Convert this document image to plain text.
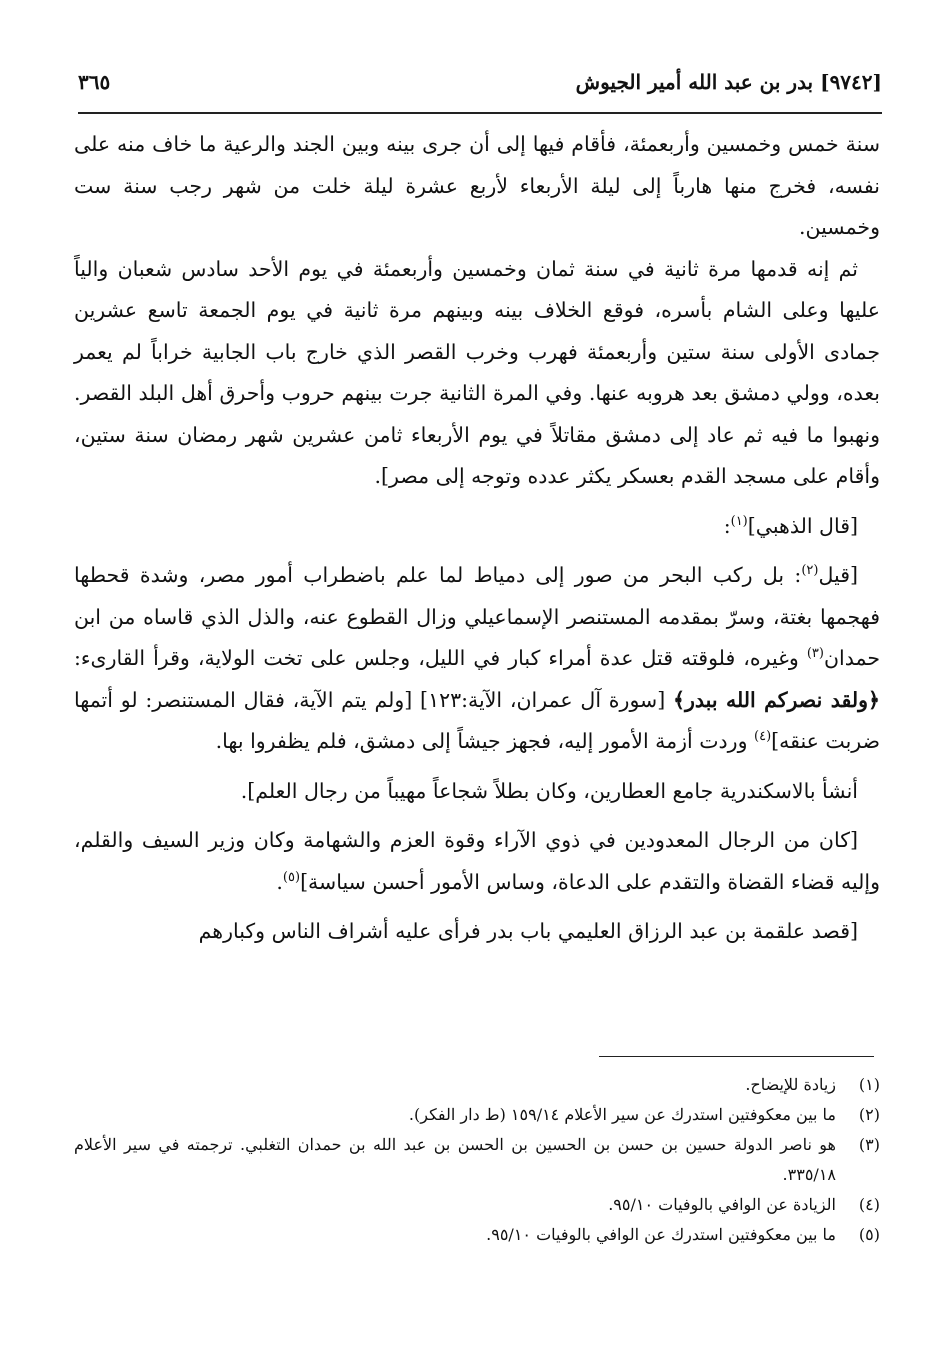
[٩٧٤٢] بدر بن عبد الله أمير الجيوش
٣٦٥

سنة خمس وخمسين وأربعمئة، فأقام فيها إلى أن جرى بينه وبين الجند والرعية ما خاف منه على نفسه، فخرج منها هارباً إلى ليلة الأربعاء لأربع عشرة ليلة خلت من شهر رجب سنة ست وخمسين.

ثم إنه قدمها مرة ثانية في سنة ثمان وخمسين وأربعمئة في يوم الأحد سادس شعبان والياً عليها وعلى الشام بأسره، فوقع الخلاف بينه وبينهم مرة ثانية في يوم الجمعة تاسع عشرين جمادى الأولى سنة ستين وأربعمئة فهرب وخرب القصر الذي خارج باب الجابية خراباً لم يعمر بعده، وولي دمشق بعد هروبه عنها. وفي المرة الثانية جرت بينهم حروب وأحرق أهل البلد القصر. ونهبوا ما فيه ثم عاد إلى دمشق مقاتلاً في يوم الأربعاء ثامن عشرين شهر رمضان سنة ستين، وأقام على مسجد القدم بعسكر يكثر عدده وتوجه إلى مصر].

[قال الذهبي]$^{(١)}$:

[قيل$^{(٢)}$: بل ركب البحر من صور إلى دمياط لما علم باضطراب أمور مصر، وشدة قحطها فهجمها بغتة، وسرّ بمقدمه المستنصر الإسماعيلي وزال القطوع عنه، والذل الذي قاساه من ابن حمدان$^{(٣)}$ وغيره، فلوقته قتل عدة أمراء كبار في الليل، وجلس على تخت الولاية، وقرأ القارىء: ﴿ولقد نصركم الله ببدر﴾ [سورة آل عمران، الآية:١٢٣] [ولم يتم الآية، فقال المستنصر: لو أتمها ضربت عنقه]$^{(٤)}$ وردت أزمة الأمور إليه، فجهز جيشاً إلى دمشق، فلم يظفروا بها.

أنشأ بالاسكندرية جامع العطارين، وكان بطلاً شجاعاً مهيباً من رجال العلم].

[كان من الرجال المعدودين في ذوي الآراء وقوة العزم والشهامة وكان وزير السيف والقلم، وإليه قضاء القضاة والتقدم على الدعاة، وساس الأمور أحسن سياسة]$^{(٥)}$.

[قصد علقمة بن عبد الرزاق العليمي باب بدر فرأى عليه أشراف الناس وكبارهم

(١)
زيادة للإيضاح.
(٢)
ما بين معكوفتين استدرك عن سير الأعلام ١٥٩/١٤ (ط دار الفكر).
(٣)
هو ناصر الدولة حسين بن حسن بن الحسين بن الحسن بن عبد الله بن حمدان التغلبي. ترجمته في سير الأعلام ٣٣٥/١٨.
(٤)
الزيادة عن الوافي بالوفيات ٩٥/١٠.
(٥)
ما بين معكوفتين استدرك عن الوافي بالوفيات ٩٥/١٠.
